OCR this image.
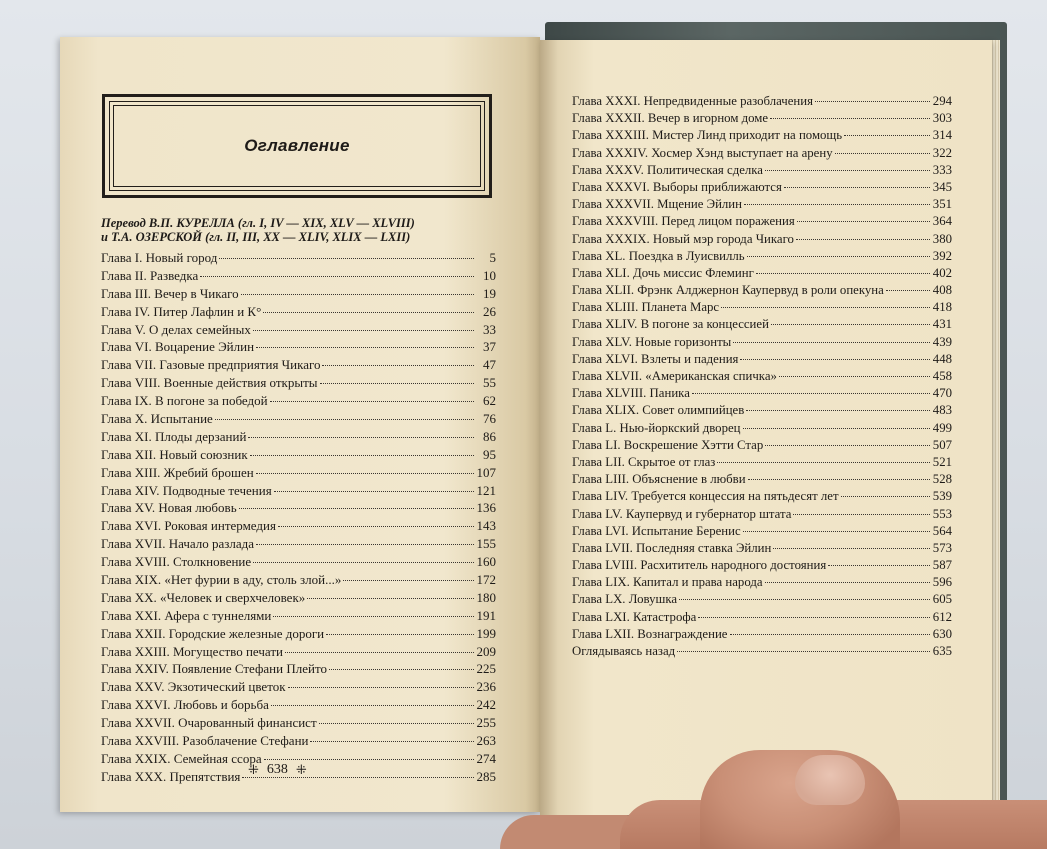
Оглавление
Перевод В.П. КУРЕЛЛА (гл. I, IV — XIX, XLV — XLVIII)
и Т.А. ОЗЕРСКОЙ (гл. II, III, XX — XLIV, XLIX — LXII)
Глава I. Новый город	5
Глава II. Разведка	10
Глава III. Вечер в Чикаго	19
Глава IV. Питер Лафлин и К°	26
Глава V. О делах семейных	33
Глава VI. Воцарение Эйлин	37
Глава VII. Газовые предприятия Чикаго	47
Глава VIII. Военные действия открыты	55
Глава IX. В погоне за победой	62
Глава X. Испытание	76
Глава XI. Плоды дерзаний	86
Глава XII. Новый союзник	95
Глава XIII. Жребий брошен	107
Глава XIV. Подводные течения	121
Глава XV. Новая любовь	136
Глава XVI. Роковая интермедия	143
Глава XVII. Начало разлада	155
Глава XVIII. Столкновение	160
Глава XIX. «Нет фурии в аду, столь злой...»	172
Глава XX. «Человек и сверхчеловек»	180
Глава XXI. Афера с туннелями	191
Глава XXII. Городские железные дороги	199
Глава XXIII. Могущество печати	209
Глава XXIV. Появление Стефани Плейто	225
Глава XXV. Экзотический цветок	236
Глава XXVI. Любовь и борьба	242
Глава XXVII. Очарованный финансист	255
Глава XXVIII. Разоблачение Стефани	263
Глава XXIX. Семейная ссора	274
Глава XXX. Препятствия	285
Глава XXXI. Непредвиденные разоблачения	294
Глава XXXII. Вечер в игорном доме	303
Глава XXXIII. Мистер Линд приходит на помощь	314
Глава XXXIV. Хосмер Хэнд выступает на арену	322
Глава XXXV. Политическая сделка	333
Глава XXXVI. Выборы приближаются	345
Глава XXXVII. Мщение Эйлин	351
Глава XXXVIII. Перед лицом поражения	364
Глава XXXIX. Новый мэр города Чикаго	380
Глава XL. Поездка в Луисвилль	392
Глава XLI. Дочь миссис Флеминг	402
Глава XLII. Фрэнк Алджернон Каупервуд в роли опекуна	408
Глава XLIII. Планета Марс	418
Глава XLIV. В погоне за концессией	431
Глава XLV. Новые горизонты	439
Глава XLVI. Взлеты и падения	448
Глава XLVII. «Американская спичка»	458
Глава XLVIII. Паника	470
Глава XLIX. Совет олимпийцев	483
Глава L. Нью-йоркский дворец	499
Глава LI. Воскрешение Хэтти Стар	507
Глава LII. Скрытое от глаз	521
Глава LIII. Объяснение в любви	528
Глава LIV. Требуется концессия на пятьдесят лет	539
Глава LV. Каупервуд и губернатор штата	553
Глава LVI. Испытание Беренис	564
Глава LVII. Последняя ставка Эйлин	573
Глава LVIII. Расхититель народного достояния	587
Глава LIX. Капитал и права народа	596
Глава LX. Ловушка	605
Глава LXI. Катастрофа	612
Глава LXII. Вознаграждение	630
Оглядываясь назад	635
⁜ 638 ⁜
